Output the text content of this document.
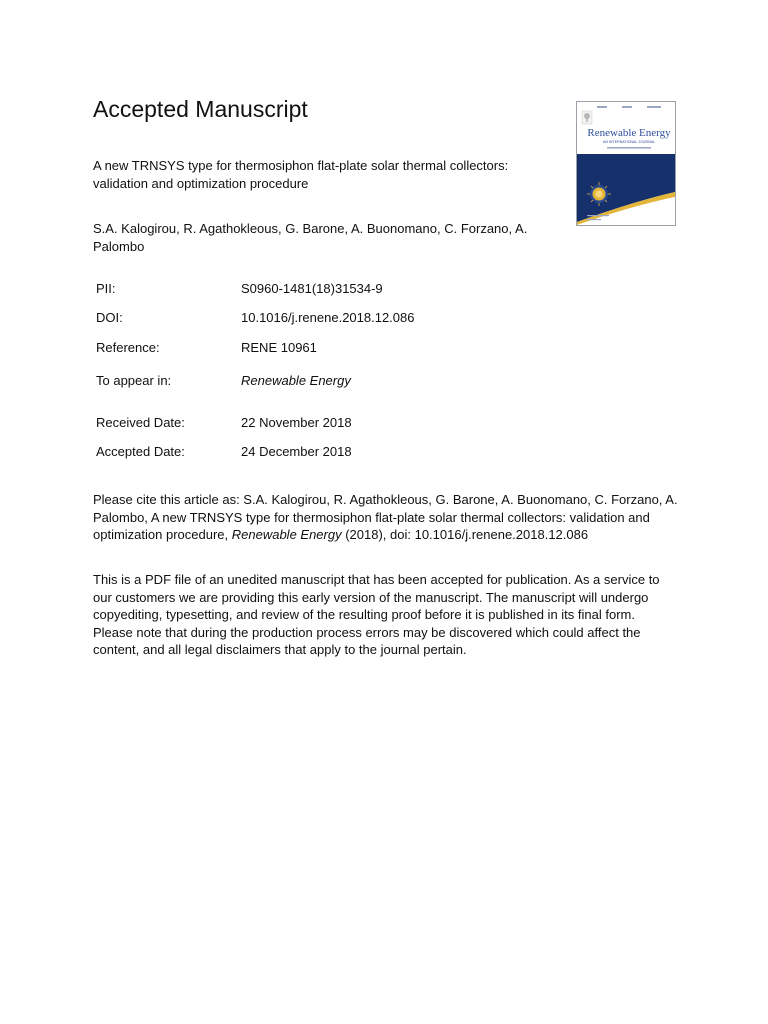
Accepted Manuscript
Renewable Energy
AN INTERNATIONAL JOURNAL

A new TRNSYS type for thermosiphon flat-plate solar thermal collectors: validation and optimization procedure

S.A. Kalogirou, R. Agathokleous, G. Barone, A. Buonomano, C. Forzano, A. Palombo

PII:	S0960-1481(18)31534-9
DOI:	10.1016/j.renene.2018.12.086
Reference:	RENE 10961
To appear in:	Renewable Energy
Received Date:	22 November 2018
Accepted Date:	24 December 2018

Please cite this article as: S.A. Kalogirou, R. Agathokleous, G. Barone, A. Buonomano, C. Forzano, A. Palombo, A new TRNSYS type for thermosiphon flat-plate solar thermal collectors: validation and optimization procedure, Renewable Energy (2018), doi: 10.1016/j.renene.2018.12.086

This is a PDF file of an unedited manuscript that has been accepted for publication. As a service to our customers we are providing this early version of the manuscript. The manuscript will undergo copyediting, typesetting, and review of the resulting proof before it is published in its final form. Please note that during the production process errors may be discovered which could affect the content, and all legal disclaimers that apply to the journal pertain.
